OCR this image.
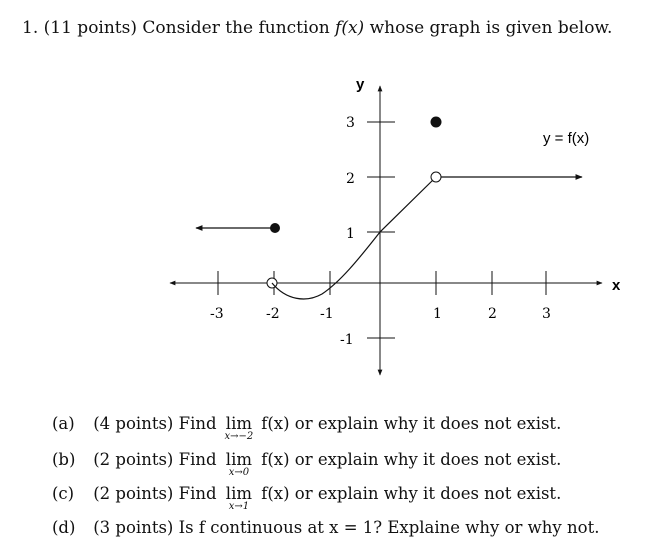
1. (11 points) Consider the function f(x) whose graph is given below.
y
x
-3	-2	-1	1	2	3
3
2
1
-1
y = f(x)
(a) (4 points) Find lim
x→−2
f(x) or explain why it does not exist.
(b) (2 points) Find lim
x→0
f(x) or explain why it does not exist.
(c) (2 points) Find lim
x→1
f(x) or explain why it does not exist.
(d) (3 points) Is f continuous at x = 1? Explaine why or why not.
